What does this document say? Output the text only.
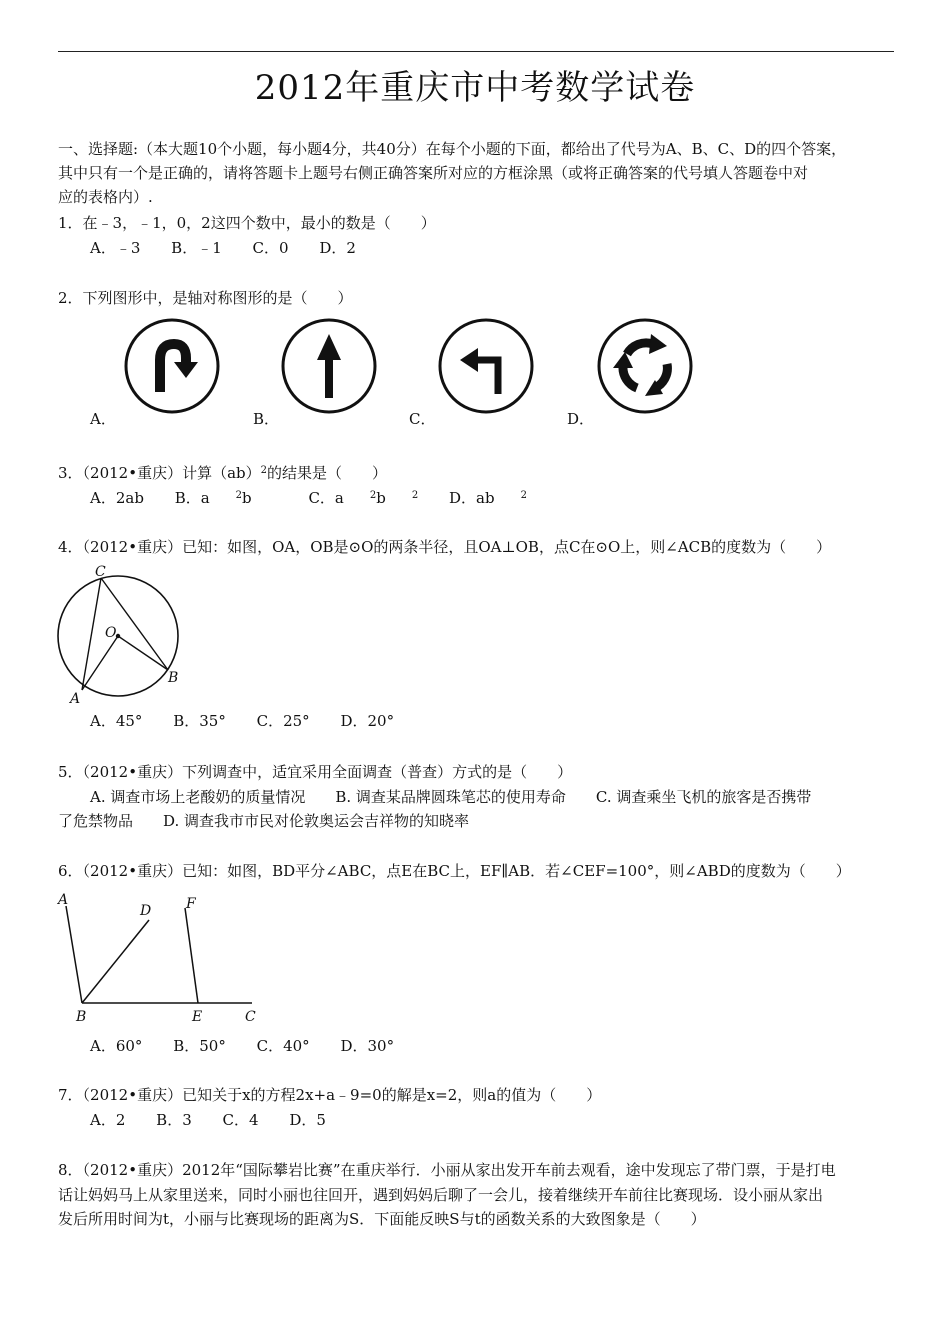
2012年重庆市中考数学试卷
一、选择题:（本大题10个小题，每小题4分，共40分）在每个小题的下面，都给出了代号为A、B、C、D的四个答案，
其中只有一个是正确的，请将答题卡上题号右侧正确答案所对应的方框涂黑（或将正确答案的代号填人答题卷中对
应的表格内）.
1．在﹣3，﹣1，0，2这四个数中，最小的数是（　　）
A．﹣3 B．﹣1 C．0 D．2
2．下列图形中，是轴对称图形的是（　　）
A．	B．	C．	D．
3．（2012•重庆）计算（ab）$^2$的结果是（　　）
A．2ab B．a	$^2$b	C．a	$^2$b	$^2$ D．ab	$^2$
4．（2012•重庆）已知：如图，OA，OB是⊙O的两条半径，且OA⊥OB，点C在⊙O上，则∠ACB的度数为（　　）
C
O
A
B
A．45° B．35° C．25° D．20°
5．（2012•重庆）下列调查中，适宜采用全面调查（普查）方式的是（　　）
A. 调查市场上老酸奶的质量情况　　B. 调查某品牌圆珠笔芯的使用寿命　　C. 调查乘坐飞机的旅客是否携带
了危禁物品　　D. 调查我市市民对伦敦奥运会吉祥物的知晓率
6．（2012•重庆）已知：如图，BD平分∠ABC，点E在BC上，EF∥AB．若∠CEF=100°，则∠ABD的度数为（　　）
A
D F
B	E	C
A．60° B．50° C．40° D．30°
7．（2012•重庆）已知关于x的方程2x+a﹣9=0的解是x=2，则a的值为（　　）
A．2 B．3 C．4 D．5
8．（2012•重庆）2012年“国际攀岩比赛”在重庆举行．小丽从家出发开车前去观看，途中发现忘了带门票，于是打电
话让妈妈马上从家里送来，同时小丽也往回开，遇到妈妈后聊了一会儿，接着继续开车前往比赛现场．设小丽从家出
发后所用时间为t，小丽与比赛现场的距离为S．下面能反映S与t的函数关系的大致图象是（　　）
